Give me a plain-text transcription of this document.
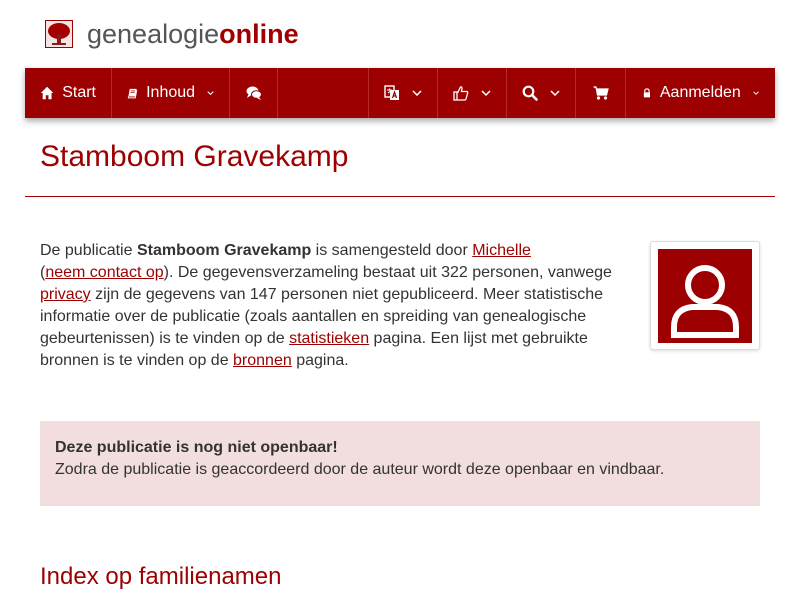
genealogieonline
Start	Inhoud	Aanmelden
Stamboom Gravekamp

De publicatie Stamboom Gravekamp is samengesteld door Michelle
(neem contact op). De gegevensverzameling bestaat uit 322 personen, vanwege privacy zijn de gegevens van 147 personen niet gepubliceerd. Meer statistische informatie over de publicatie (zoals aantallen en spreiding van genealogische gebeurtenissen) is te vinden op de statistieken pagina. Een lijst met gebruikte bronnen is te vinden op de bronnen pagina.

Deze publicatie is nog niet openbaar!
Zodra de publicatie is geaccordeerd door de auteur wordt deze openbaar en vindbaar.
Index op familienamen
